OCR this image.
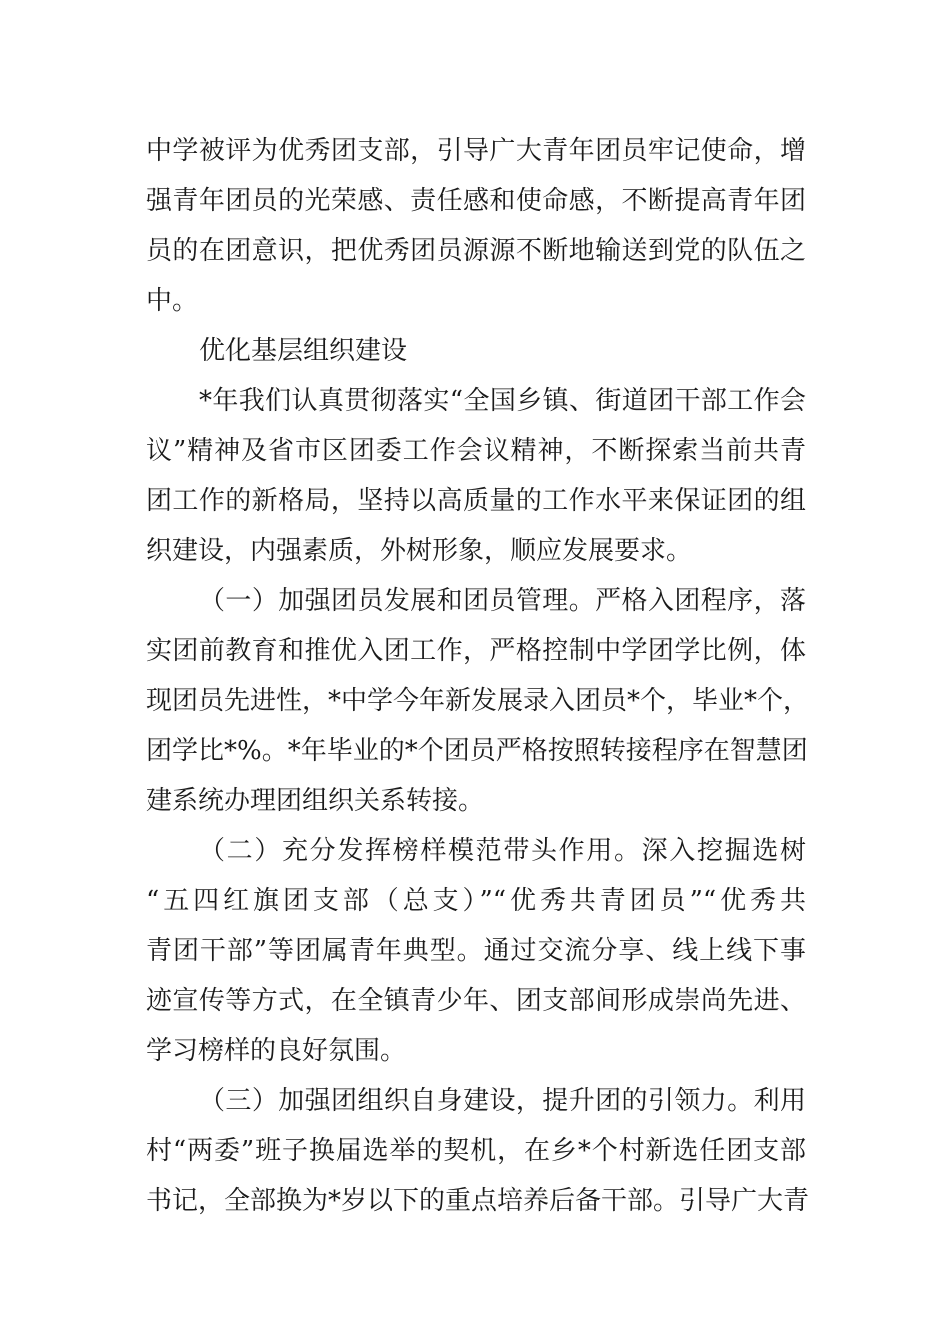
中学被评为优秀团支部，引导广大青年团员牢记使命，增
强青年团员的光荣感、责任感和使命感，不断提高青年团
员的在团意识，把优秀团员源源不断地输送到党的队伍之
中。
优化基层组织建设
*年我们认真贯彻落实“全国乡镇、街道团干部工作会
议”精神及省市区团委工作会议精神，不断探索当前共青
团工作的新格局，坚持以高质量的工作水平来保证团的组
织建设，内强素质，外树形象，顺应发展要求。
（一）加强团员发展和团员管理。严格入团程序，落
实团前教育和推优入团工作，严格控制中学团学比例，体
现团员先进性，*中学今年新发展录入团员*个，毕业*个，
团学比*%。*年毕业的*个团员严格按照转接程序在智慧团
建系统办理团组织关系转接。
（二）充分发挥榜样模范带头作用。深入挖掘选树
“五四红旗团支部（总支）”“优秀共青团员”“优秀共
青团干部”等团属青年典型。通过交流分享、线上线下事
迹宣传等方式，在全镇青少年、团支部间形成崇尚先进、
学习榜样的良好氛围。
（三）加强团组织自身建设，提升团的引领力。利用
村“两委”班子换届选举的契机，在乡*个村新选任团支部
书记，全部换为*岁以下的重点培养后备干部。引导广大青
